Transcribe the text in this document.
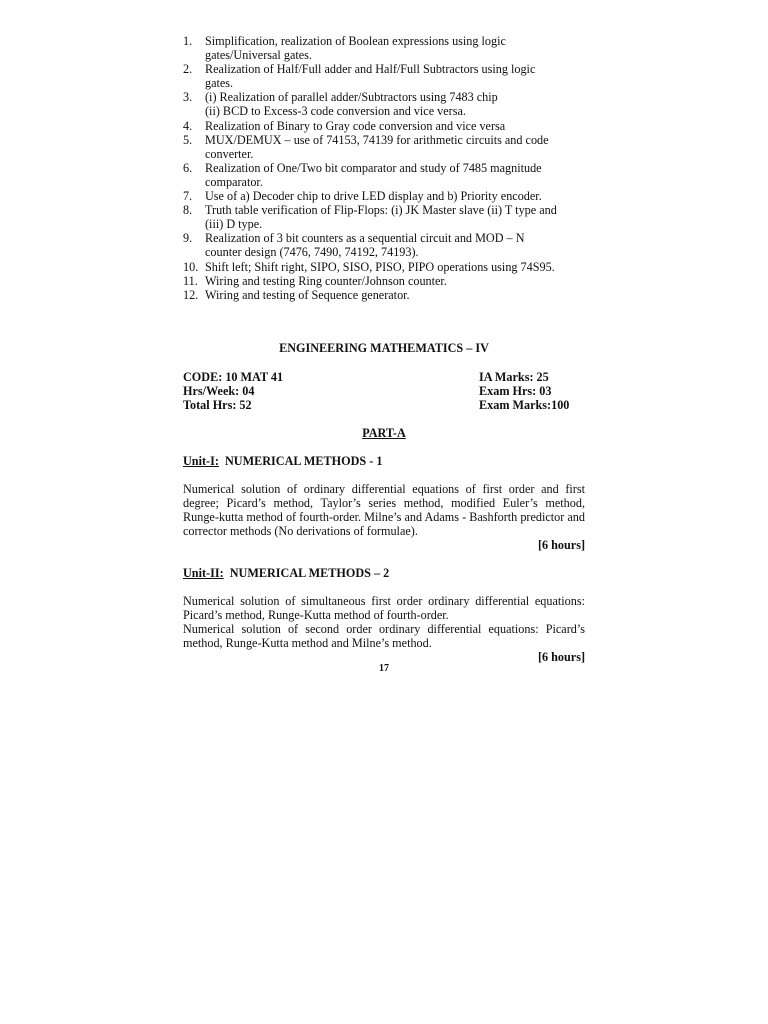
1.	Simplification, realization of Boolean expressions using logic
gates/Universal gates.
2.	Realization of Half/Full adder and Half/Full Subtractors using logic
gates.
3.	(i) Realization of parallel adder/Subtractors using 7483 chip
(ii) BCD to Excess-3 code conversion and vice versa.
4.	Realization of Binary to Gray code conversion and vice versa
5.	MUX/DEMUX – use of 74153, 74139 for arithmetic circuits and code
converter.
6.	Realization of One/Two bit comparator and study of 7485 magnitude
comparator.
7.	Use of a) Decoder chip to drive LED display and b) Priority encoder.
8.	Truth table verification of Flip-Flops: (i) JK Master slave (ii) T type and
(iii) D type.
9.	Realization of 3 bit counters as a sequential circuit and MOD – N
counter design (7476, 7490, 74192, 74193).
10. Shift left; Shift right, SIPO, SISO, PISO, PIPO operations using 74S95.
11. Wiring and testing Ring counter/Johnson counter.
12. Wiring and testing of Sequence generator.
ENGINEERING MATHEMATICS – IV
CODE: 10 MAT 41	IA Marks: 25
Hrs/Week: 04	Exam Hrs: 03
Total Hrs: 52	Exam Marks:100
PART-A
Unit-I: NUMERICAL METHODS - 1
Numerical solution of ordinary differential equations of first order and first degree; Picard’s method, Taylor’s series method, modified Euler’s method, Runge-kutta method of fourth-order. Milne’s and Adams - Bashforth predictor and corrector methods (No derivations of formulae).
[6 hours]
Unit-II: NUMERICAL METHODS – 2
Numerical solution of simultaneous first order ordinary differential equations: Picard’s method, Runge-Kutta method of fourth-order.
Numerical solution of second order ordinary differential equations: Picard’s method, Runge-Kutta method and Milne’s method.
[6 hours]
17
